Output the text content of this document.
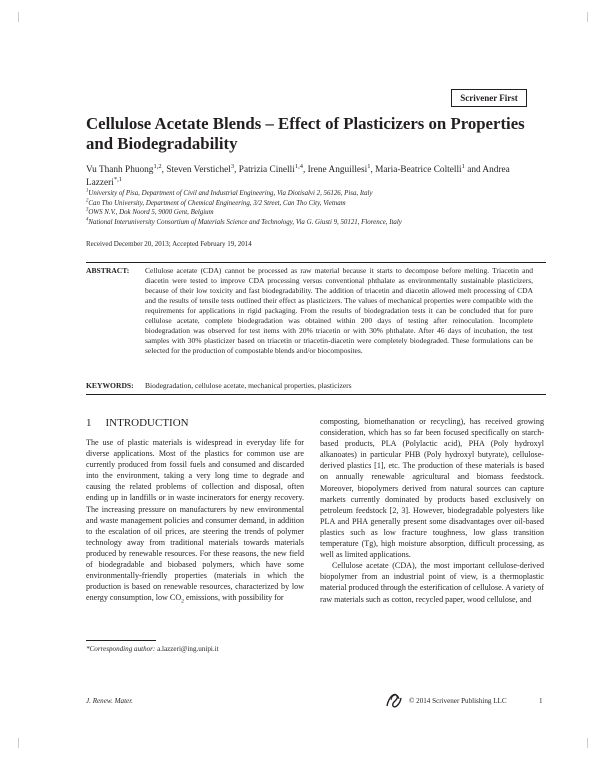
Scrivener First
Cellulose Acetate Blends – Effect of Plasticizers on Properties and Biodegradability

Vu Thanh Phuong$^{1,2}$, Steven Verstichel$^3$, Patrizia Cinelli$^{1,4}$, Irene Anguillesi$^1$, Maria-Beatrice Coltelli$^1$ and Andrea Lazzeri$^{*,1}$

$^1$University of Pisa, Department of Civil and Industrial Engineering, Via Diotisalvi 2, 56126, Pisa, Italy
$^2$Can Tho University, Department of Chemical Engineering, 3/2 Street, Can Tho City, Vietnam
$^3$OWS N.V., Dok Noord 5, 9000 Gent, Belgium
$^4$National Interuniversity Consortium of Materials Science and Technology, Via G. Giusti 9, 50121, Florence, Italy
Received December 20, 2013; Accepted February 19, 2014
ABSTRACT: Cellulose acetate (CDA) cannot be processed as raw material because it starts to decompose before melting. Triacetin and diacetin were tested to improve CDA processing versus conventional phthalate as environmentally sustainable plasticizers, because of their low toxicity and fast biodegradability. The addition of triacetin and diacetin allowed melt processing of CDA and the results of tensile tests outlined their effect as plasticizers. The values of mechanical properties were compatible with the requirements for applications in rigid packaging. From the results of biodegradation tests it can be concluded that for pure cellulose acetate, complete biodegradation was obtained within 200 days of testing after reinoculation. Incomplete biodegradation was observed for test items with 20% triacetin or with 30% phthalate. After 46 days of incubation, the test samples with 30% plasticizer based on triacetin or triacetin-diacetin were completely biodegraded. These formulations can be selected for the production of compostable blends and/or biocomposites.

KEYWORDS: Biodegradation, cellulose acetate, mechanical properties, plasticizers
1 INTRODUCTION

The use of plastic materials is widespread in everyday life for diverse applications. Most of the plastics for common use are currently produced from fossil fuels and consumed and discarded into the environment, taking a very long time to degrade and causing the related problems of collection and disposal, often ending up in landfills or in waste incinerators for energy recovery. The increasing pressure on manufacturers by new environmental and waste management policies and consumer demand, in addition to the escalation of oil prices, are steering the trends of polymer technology away from traditional materials towards materials produced by renewable resources. For these reasons, the new field of biodegradable and biobased polymers, which have some environmentally-friendly properties (materials in which the production is based on renewable resources, characterized by low energy consumption, low $CO_2$ emissions, with possibility for

composting, biomethanation or recycling), has received growing consideration, which has so far been focused specifically on starch-based products, PLA (Polylactic acid), PHA (Poly hydroxyl alkanoates) in particular PHB (Poly hydroxyl butyrate), cellulose-derived plastics [1], etc. The production of these materials is based on annually renewable agricultural and biomass feedstock. Moreover, biopolymers derived from natural sources can capture markets currently dominated by products based exclusively on petroleum feedstock [2, 3]. However, biodegradable polyesters like PLA and PHA generally present some disadvantages over oil-based plastics such as low fracture toughness, low glass transition temperature (Tg), high moisture absorption, difficult processing, as well as limited applications.
Cellulose acetate (CDA), the most important cellulose-derived biopolymer from an industrial point of view, is a thermoplastic material produced through the esterification of cellulose. A variety of raw materials such as cotton, recycled paper, wood cellulose, and

*Corresponding author: a.lazzeri@ing.unipi.it
J. Renew. Mater.	© 2014 Scrivener Publishing LLC	1
